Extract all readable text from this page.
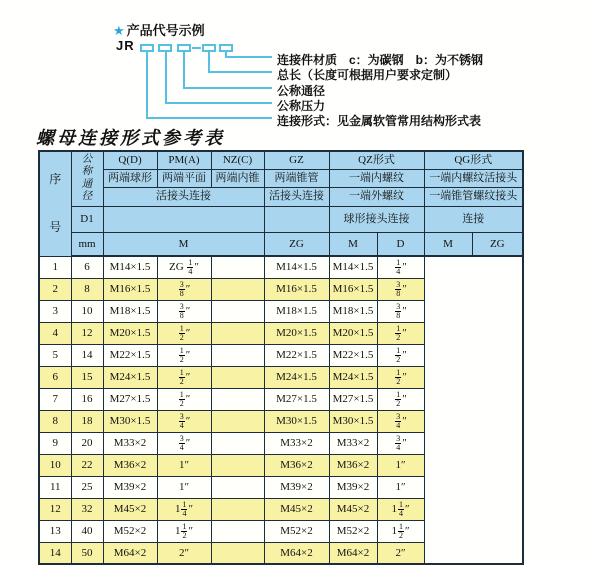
★ 产品代号示例
JR
连接件材质　c：为碳钢　b：为不锈钢
总长（长度可根据用户要求定制）
公称通径
公称压力
连接形式：见金属软管常用结构形式表
螺母连接形式参考表
序
号	公
称
通
径	Q(D)	PM(A)	NZ(C)	GZ	QZ形式		QG形式	
		两端球形	两端平面	两端内锥	两端锥管	一端内螺纹		一端内螺纹活接头	
		活接头连接			活接头连接	一端外螺纹		一端锥管螺纹接头	
	D1					球形接头连接		连接	
	mm	M			ZG	M	D	M	ZG
1	6	M14×1.5	ZG $\frac{1}{4}$ ″		M14×1.5	M14×1.5	$\frac{1}{4}$ ″		
2	8	M16×1.5	$\frac{3}{8}$ ″		M16×1.5	M16×1.5	$\frac{3}{8}$ ″		
3	10	M18×1.5	$\frac{3}{8}$ ″		M18×1.5	M18×1.5	$\frac{3}{8}$ ″		
4	12	M20×1.5	$\frac{1}{2}$ ″		M20×1.5	M20×1.5	$\frac{1}{2}$ ″		
5	14	M22×1.5	$\frac{1}{2}$ ″		M22×1.5	M22×1.5	$\frac{1}{2}$ ″		
6	15	M24×1.5	$\frac{1}{2}$ ″		M24×1.5	M24×1.5	$\frac{1}{2}$ ″		
7	16	M27×1.5	$\frac{1}{2}$ ″		M27×1.5	M27×1.5	$\frac{1}{2}$ ″		
8	18	M30×1.5	$\frac{3}{4}$ ″		M30×1.5	M30×1.5	$\frac{3}{4}$ ″		
9	20	M33×2	$\frac{3}{4}$ ″		M33×2	M33×2	$\frac{3}{4}$ ″		
10	22	M36×2	1″		M36×2	M36×2	1″		
11	25	M39×2	1″		M39×2	M39×2	1″		
12	32	M45×2	$1 \frac{1}{4}$ ″		M45×2	M45×2	$1 \frac{1}{4}$ ″		
13	40	M52×2	$1 \frac{1}{2}$ ″		M52×2	M52×2	$1 \frac{1}{2}$ ″		
14	50	M64×2	2″		M64×2	M64×2	2″		
